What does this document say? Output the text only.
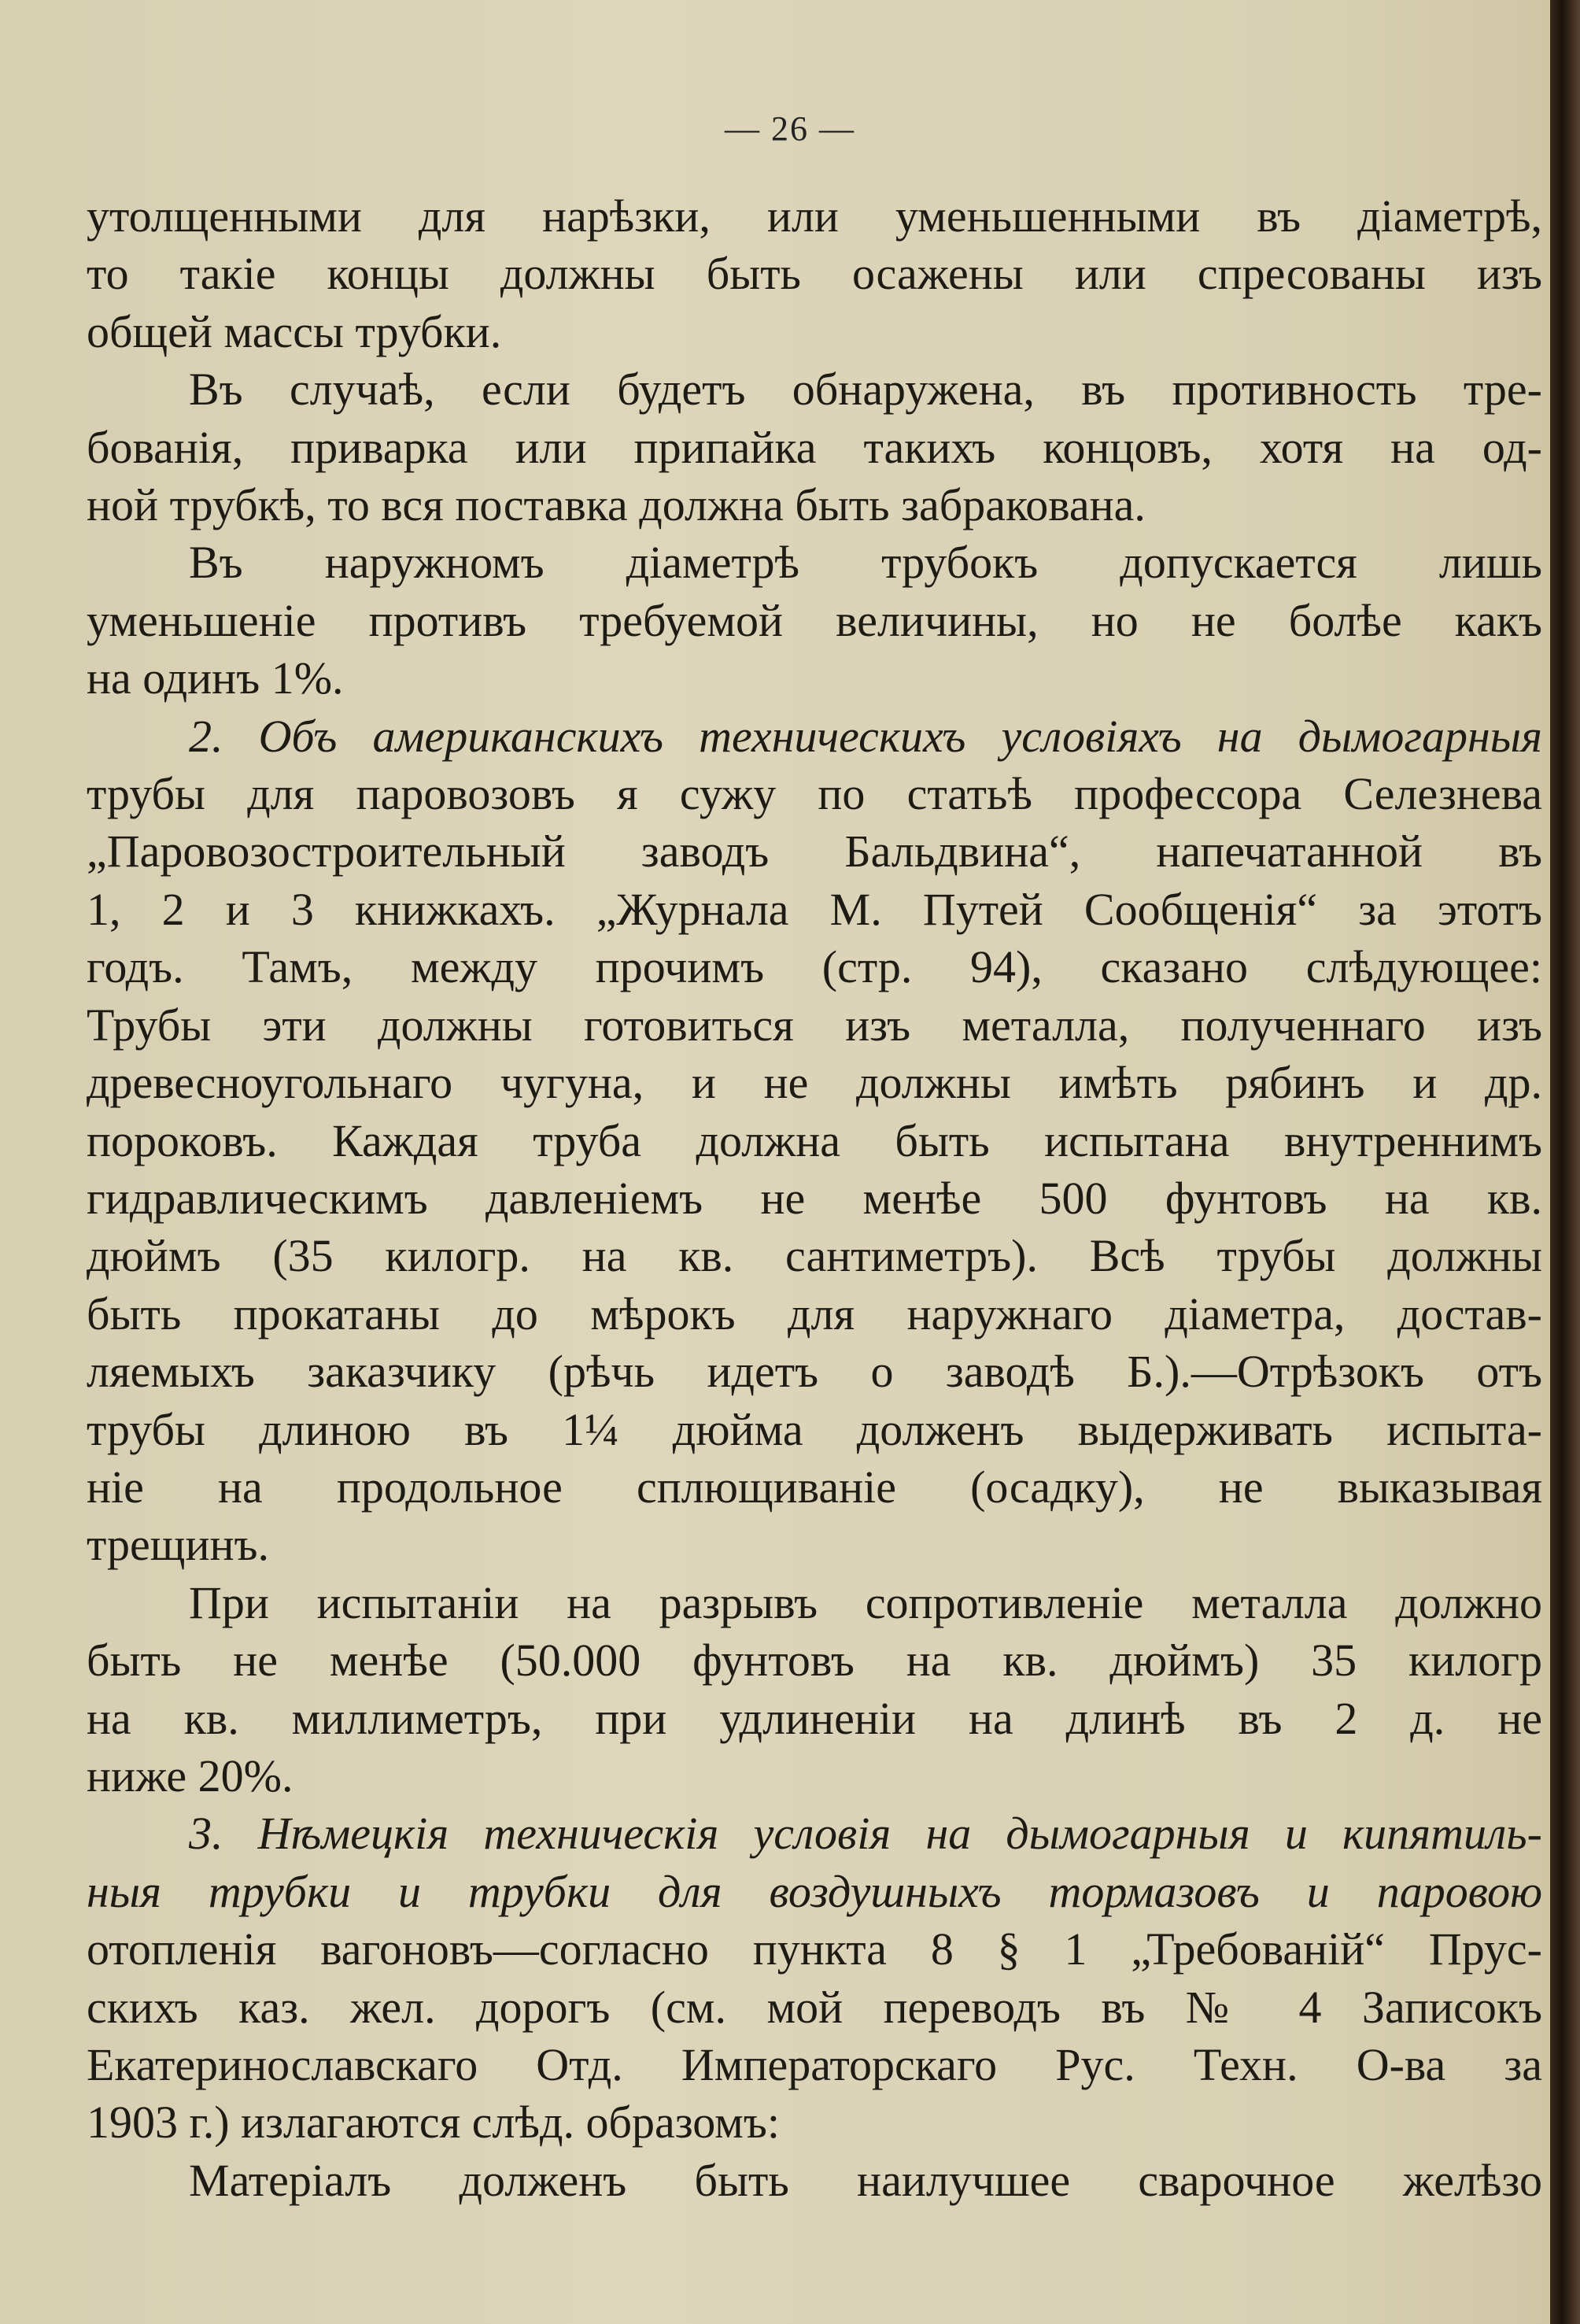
— 26 —
утолщенными для нарѣзки, или уменьшенными въ діаметрѣ,
то такіе концы должны быть осажены или спресованы изъ
общей массы трубки.
Въ случаѣ, если будетъ обнаружена, въ противность тре-
бованія, приварка или припайка такихъ концовъ, хотя на од-
ной трубкѣ, то вся поставка должна быть забракована.
Въ наружномъ діаметрѣ трубокъ допускается лишь
уменьшеніе противъ требуемой величины, но не болѣе какъ
на одинъ 1%.
2. Объ американскихъ техническихъ условіяхъ на дымогарныя
трубы для паровозовъ я сужу по статьѣ профессора Селезнева
„Паровозостроительный заводъ Бальдвина“, напечатанной въ
1, 2 и 3 книжкахъ. „Журнала М. Путей Сообщенія“ за этотъ
годъ. Тамъ, между прочимъ (стр. 94), сказано слѣдующее:
Трубы эти должны готовиться изъ металла, полученнаго изъ
древесноугольнаго чугуна, и не должны имѣть рябинъ и др.
пороковъ. Каждая труба должна быть испытана внутреннимъ
гидравлическимъ давленіемъ не менѣе 500 фунтовъ на кв.
дюймъ (35 килогр. на кв. сантиметръ). Всѣ трубы должны
быть прокатаны до мѣрокъ для наружнаго діаметра, достав-
ляемыхъ заказчику (рѣчь идетъ о заводѣ Б.).—Отрѣзокъ отъ
трубы длиною въ 1¼ дюйма долженъ выдерживать испыта-
ніе на продольное сплющиваніе (осадку), не выказывая
трещинъ.
При испытаніи на разрывъ сопротивленіе металла должно
быть не менѣе (50.000 фунтовъ на кв. дюймъ) 35 килогр
на кв. миллиметръ, при удлиненіи на длинѣ въ 2 д. не
ниже 20%.
3. Нѣмецкія техническія условія на дымогарныя и кипятиль-
ныя трубки и трубки для воздушныхъ тормазовъ и паровою
отопленія вагоновъ—согласно пункта 8 § 1 „Требованій“ Прус-
скихъ каз. жел. дорогъ (см. мой переводъ въ № 4 Записокъ
Екатеринославскаго Отд. Императорскаго Рус. Техн. О-ва за
1903 г.) излагаются слѣд. образомъ:
Матеріалъ долженъ быть наилучшее сварочное желѣзо
